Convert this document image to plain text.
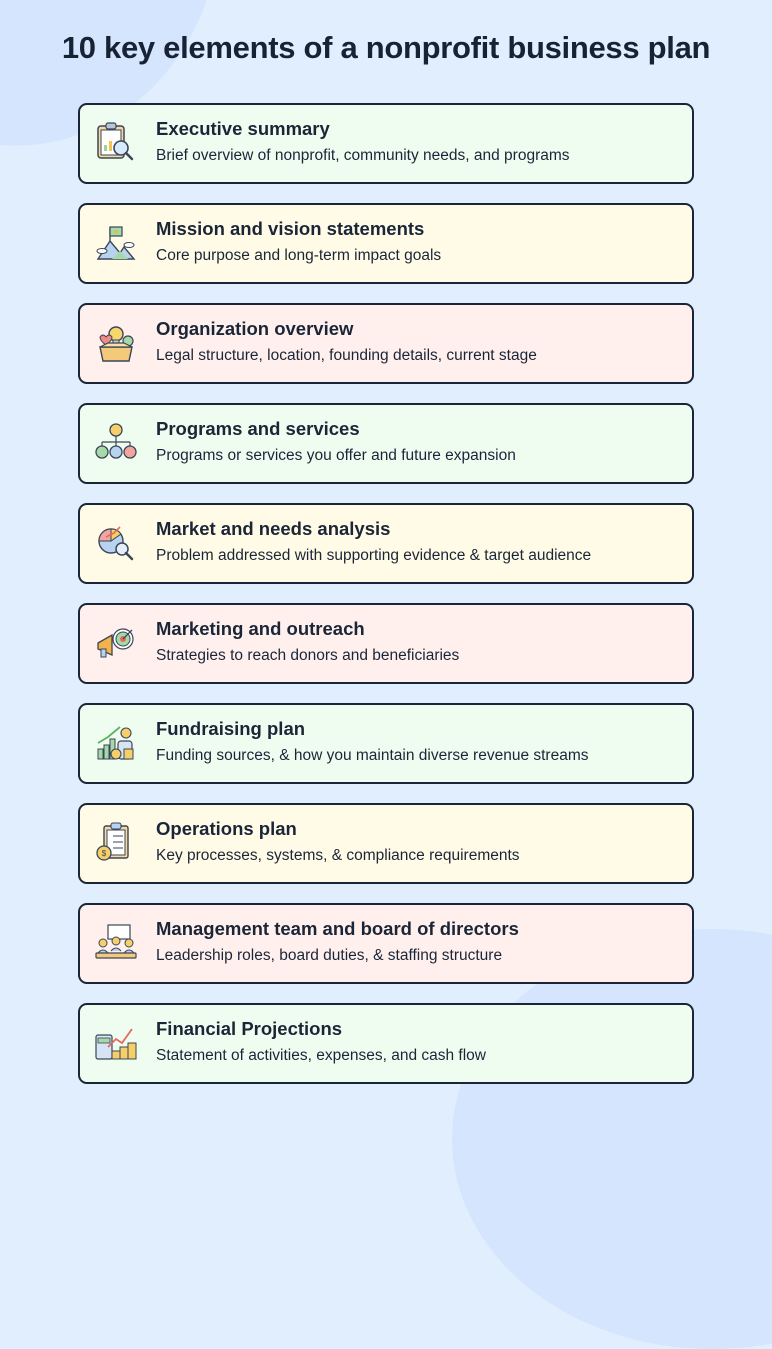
10 key elements of a nonprofit business plan
Executive summary
Brief overview of nonprofit, community needs, and programs
★ Mission and vision statements
Core purpose and long-term impact goals
Organization overview
Legal structure, location, founding details, current stage
Programs and services
Programs or services you offer and future expansion
Market and needs analysis
Problem addressed with supporting evidence & target audience
Marketing and outreach
Strategies to reach donors and beneficiaries
Fundraising plan
Funding sources, & how you maintain diverse revenue streams
$
Operations plan
Key processes, systems, & compliance requirements
Management team and board of directors
Leadership roles, board duties, & staffing structure
Financial Projections
Statement of activities, expenses, and cash flow
